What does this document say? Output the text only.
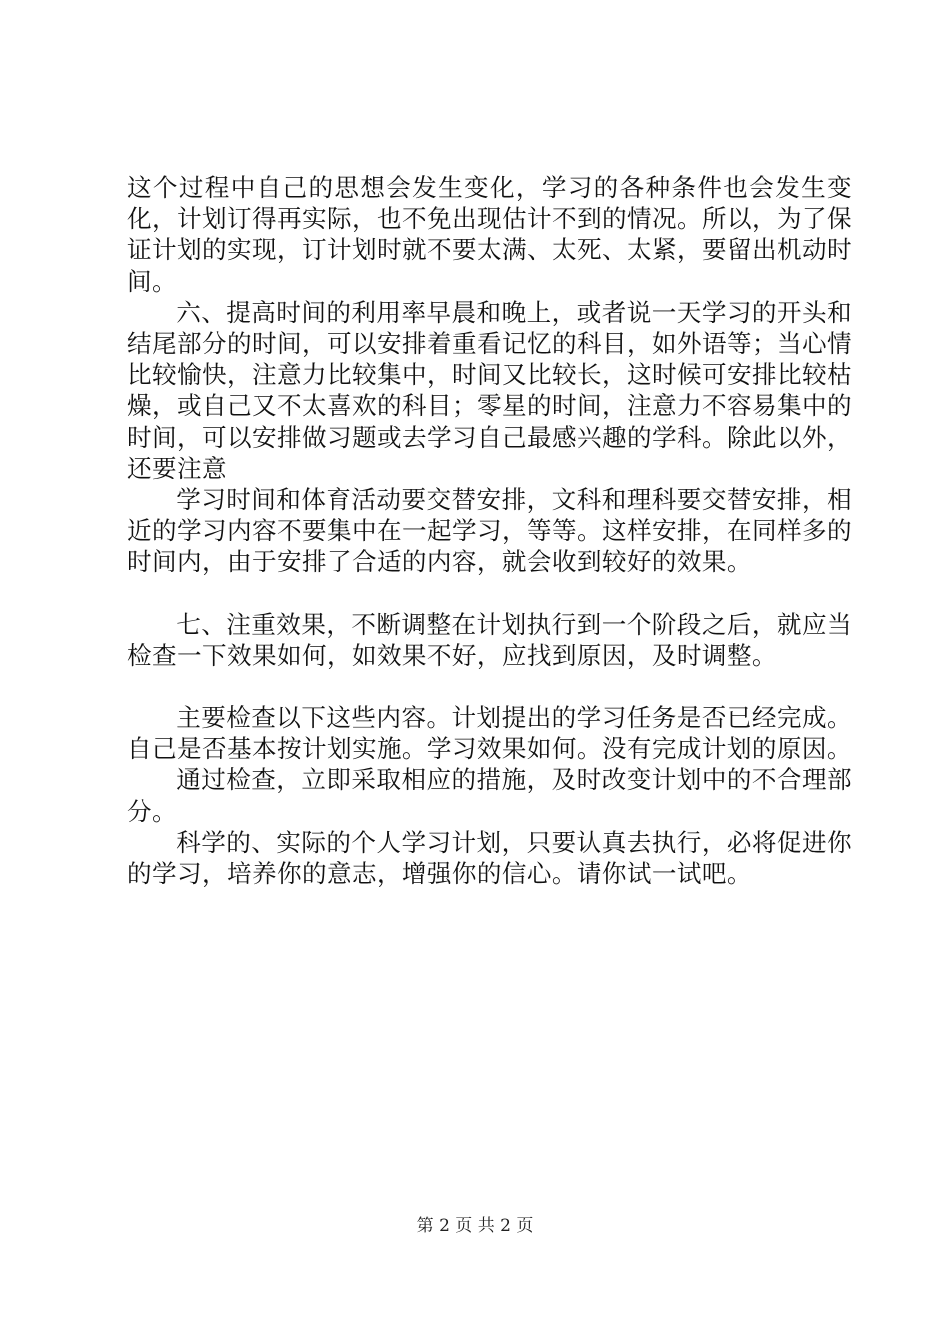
这个过程中自己的思想会发生变化，学习的各种条件也会发生变化，计划订得再实际，也不免出现估计不到的情况。所以，为了保证计划的实现，订计划时就不要太满、太死、太紧，要留出机动时间。

六、提高时间的利用率早晨和晚上，或者说一天学习的开头和结尾部分的时间，可以安排着重看记忆的科目，如外语等；当心情比较愉快，注意力比较集中，时间又比较长，这时候可安排比较枯燥，或自己又不太喜欢的科目；零星的时间，注意力不容易集中的时间，可以安排做习题或去学习自己最感兴趣的学科。除此以外，还要注意

学习时间和体育活动要交替安排，文科和理科要交替安排，相近的学习内容不要集中在一起学习，等等。这样安排，在同样多的时间内，由于安排了合适的内容，就会收到较好的效果。

七、注重效果，不断调整在计划执行到一个阶段之后，就应当检查一下效果如何，如效果不好，应找到原因，及时调整。

主要检查以下这些内容。计划提出的学习任务是否已经完成。自己是否基本按计划实施。学习效果如何。没有完成计划的原因。

通过检查，立即采取相应的措施，及时改变计划中的不合理部分。

科学的、实际的个人学习计划，只要认真去执行，必将促进你的学习，培养你的意志，增强你的信心。请你试一试吧。

第 2 页 共 2 页
